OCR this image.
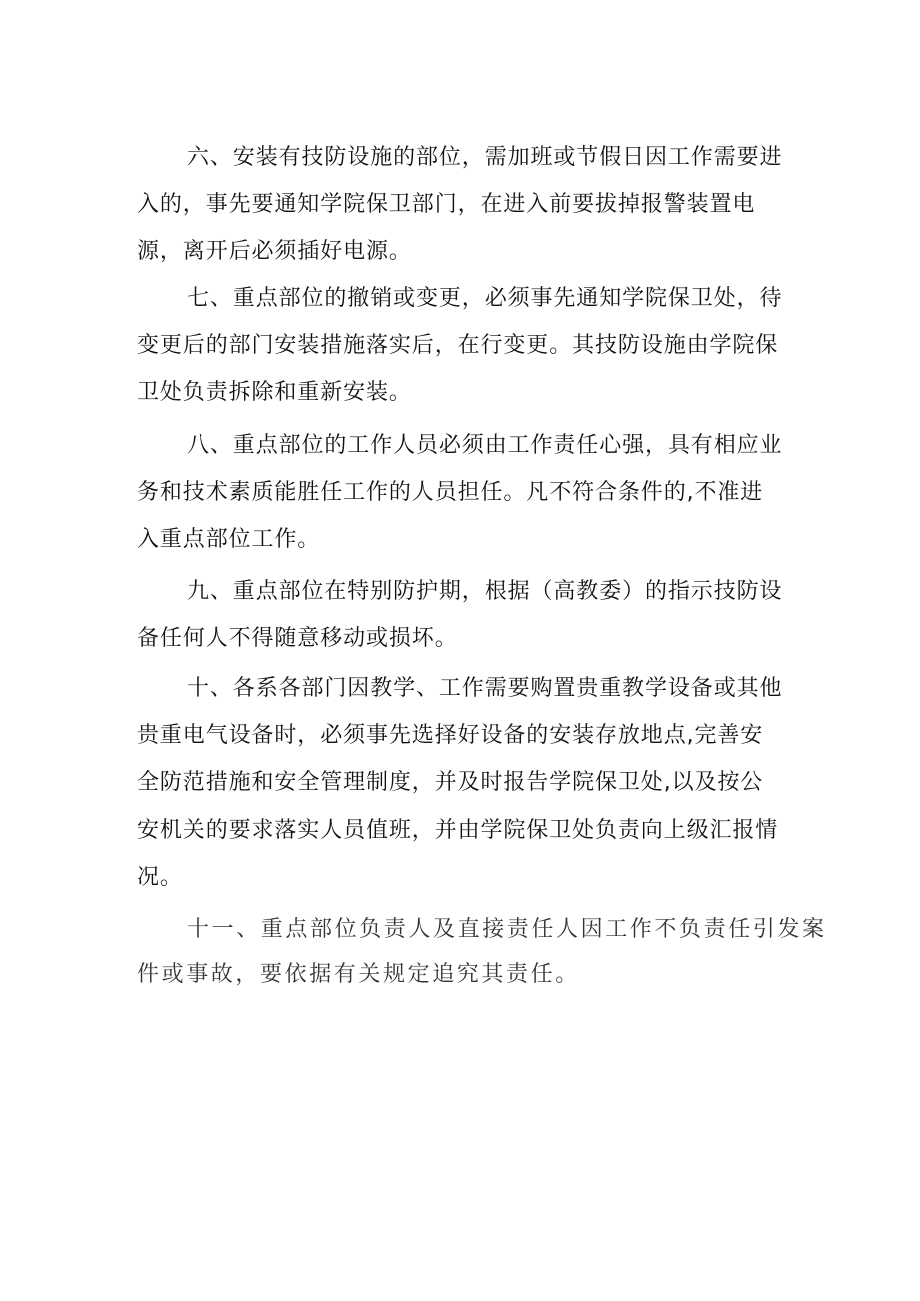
六、安装有技防设施的部位，需加班或节假日因工作需要进
入的，事先要通知学院保卫部门，在进入前要拔掉报警装置电
源，离开后必须插好电源。
七、重点部位的撤销或变更，必须事先通知学院保卫处，待
变更后的部门安装措施落实后，在行变更。其技防设施由学院保
卫处负责拆除和重新安装。
八、重点部位的工作人员必须由工作责任心强，具有相应业
务和技术素质能胜任工作的人员担任。凡不符合条件的,不准进
入重点部位工作。
九、重点部位在特别防护期，根据（高教委）的指示技防设
备任何人不得随意移动或损坏。
十、各系各部门因教学、工作需要购置贵重教学设备或其他
贵重电气设备时，必须事先选择好设备的安装存放地点,完善安
全防范措施和安全管理制度，并及时报告学院保卫处,以及按公
安机关的要求落实人员值班，并由学院保卫处负责向上级汇报情
况。
十一、重点部位负责人及直接责任人因工作不负责任引发案
件或事故，要依据有关规定追究其责任。
